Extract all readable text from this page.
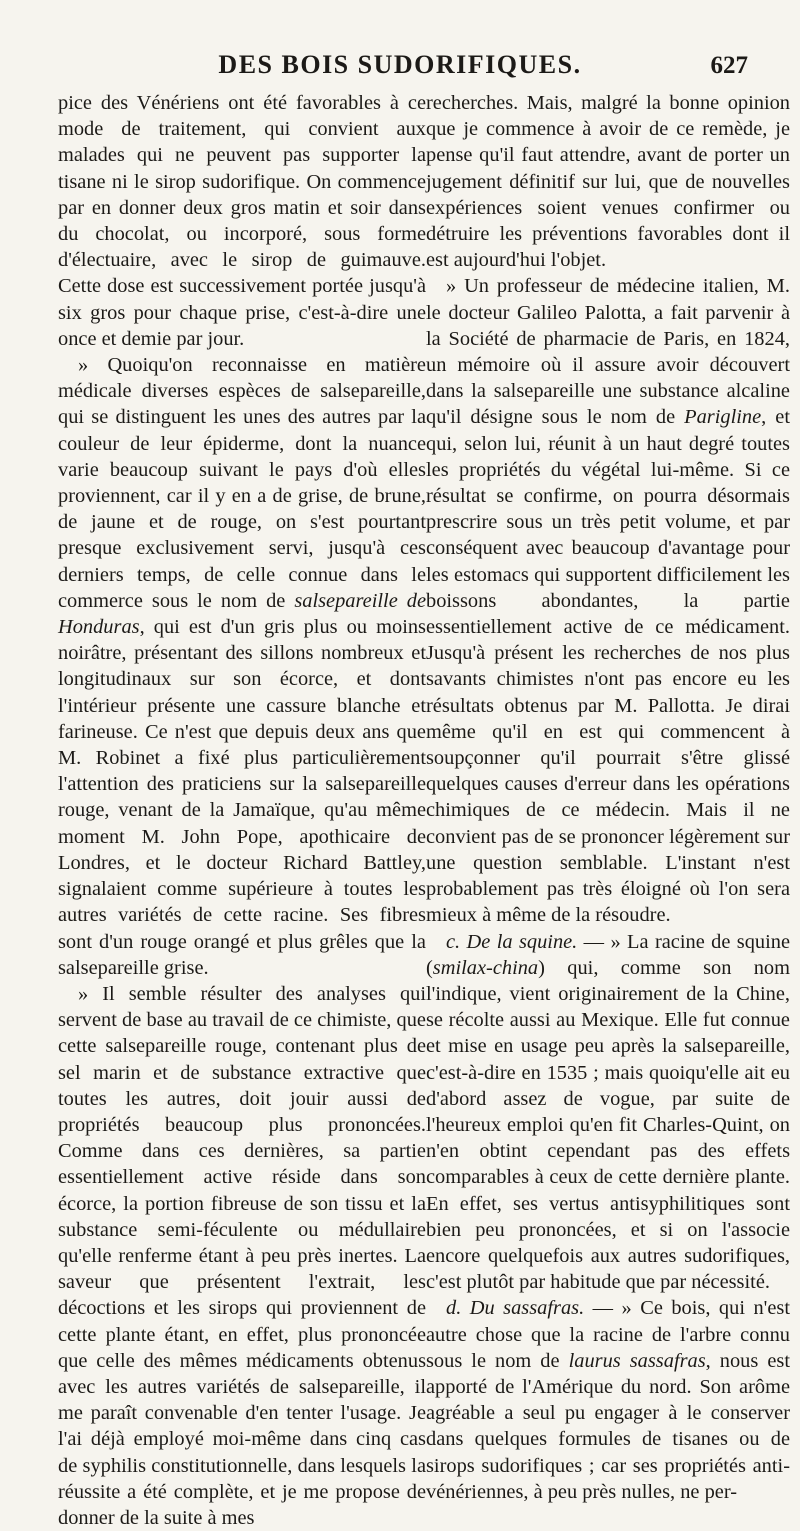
DES BOIS SUDORIFIQUES.	627

pice des Vénériens ont été favorables à ce mode de traitement, qui convient aux malades qui ne peuvent pas supporter la tisane ni le sirop sudorifique. On commence par en donner deux gros matin et soir dans du chocolat, ou incorporé, sous forme d'électuaire, avec le sirop de guimauve. Cette dose est successivement portée jusqu'à six gros pour chaque prise, c'est-à-dire une once et demie par jour.

» Quoiqu'on reconnaisse en matière médicale diverses espèces de salsepareille, qui se distinguent les unes des autres par la couleur de leur épiderme, dont la nuance varie beaucoup suivant le pays d'où elles proviennent, car il y en a de grise, de brune, de jaune et de rouge, on s'est pourtant presque exclusivement servi, jusqu'à ces derniers temps, de celle connue dans le commerce sous le nom de salsepareille de Honduras, qui est d'un gris plus ou moins noirâtre, présentant des sillons nombreux et longitudinaux sur son écorce, et dont l'intérieur présente une cassure blanche et farineuse. Ce n'est que depuis deux ans que M. Robinet a fixé plus particulièrement l'attention des praticiens sur la salsepareille rouge, venant de la Jamaïque, qu'au même moment M. John Pope, apothicaire de Londres, et le docteur Richard Battley, signalaient comme supérieure à toutes les autres variétés de cette racine. Ses fibres sont d'un rouge orangé et plus grêles que la salsepareille grise.

» Il semble résulter des analyses qui servent de base au travail de ce chimiste, que cette salsepareille rouge, contenant plus de sel marin et de substance extractive que toutes les autres, doit jouir aussi de propriétés beaucoup plus prononcées. Comme dans ces dernières, sa partie essentiellement active réside dans son écorce, la portion fibreuse de son tissu et la substance semi-féculente ou médullaire qu'elle renferme étant à peu près inertes. La saveur que présentent l'extrait, les décoctions et les sirops qui proviennent de cette plante étant, en effet, plus prononcée que celle des mêmes médicaments obtenus avec les autres variétés de salsepareille, il me paraît convenable d'en tenter l'usage. Je l'ai déjà employé moi-même dans cinq cas de syphilis constitutionnelle, dans lesquels la réussite a été complète, et je me propose de donner de la suite à mes

recherches. Mais, malgré la bonne opinion que je commence à avoir de ce remède, je pense qu'il faut attendre, avant de porter un jugement définitif sur lui, que de nouvelles expériences soient venues confirmer ou détruire les préventions favorables dont il est aujourd'hui l'objet.

» Un professeur de médecine italien, M. le docteur Galileo Palotta, a fait parvenir à la Société de pharmacie de Paris, en 1824, un mémoire où il assure avoir découvert dans la salsepareille une substance alcaline qu'il désigne sous le nom de Parigline, et qui, selon lui, réunit à un haut degré toutes les propriétés du végétal lui-même. Si ce résultat se confirme, on pourra désormais prescrire sous un très petit volume, et par conséquent avec beaucoup d'avantage pour les estomacs qui supportent difficilement les boissons abondantes, la partie essentiellement active de ce médicament. Jusqu'à présent les recherches de nos plus savants chimistes n'ont pas encore eu les résultats obtenus par M. Pallotta. Je dirai même qu'il en est qui commencent à soupçonner qu'il pourrait s'être glissé quelques causes d'erreur dans les opérations chimiques de ce médecin. Mais il ne convient pas de se prononcer légèrement sur une question semblable. L'instant n'est probablement pas très éloigné où l'on sera mieux à même de la résoudre.

c. De la squine. — » La racine de squine (smilax-china) qui, comme son nom l'indique, vient originairement de la Chine, se récolte aussi au Mexique. Elle fut connue et mise en usage peu après la salsepareille, c'est-à-dire en 1535 ; mais quoiqu'elle ait eu d'abord assez de vogue, par suite de l'heureux emploi qu'en fit Charles-Quint, on n'en obtint cependant pas des effets comparables à ceux de cette dernière plante. En effet, ses vertus antisyphilitiques sont bien peu prononcées, et si on l'associe encore quelquefois aux autres sudorifiques, c'est plutôt par habitude que par nécessité.

d. Du sassafras. — » Ce bois, qui n'est autre chose que la racine de l'arbre connu sous le nom de laurus sassafras, nous est apporté de l'Amérique du nord. Son arôme agréable a seul pu engager à le conserver dans quelques formules de tisanes ou de sirops sudorifiques ; car ses propriétés anti-vénériennes, à peu près nulles, ne per-
